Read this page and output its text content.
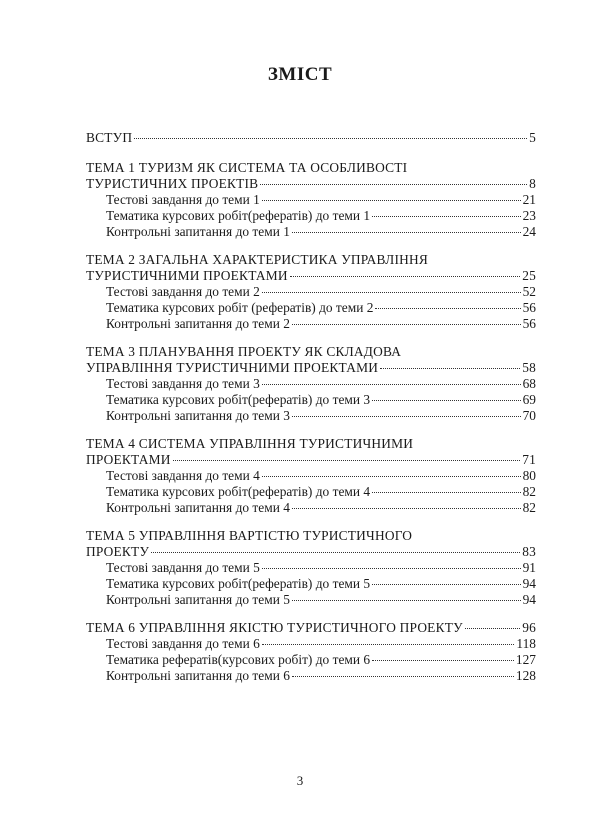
ЗМІСТ
ВСТУП	5
ТЕМА 1 ТУРИЗМ ЯК СИСТЕМА ТА ОСОБЛИВОСТІ
ТУРИСТИЧНИХ ПРОЕКТІВ	8
Тестові завдання до теми 1	21
Тематика курсових робіт(рефератів) до теми 1	23
Контрольні запитання до теми 1	24
ТЕМА 2 ЗАГАЛЬНА ХАРАКТЕРИСТИКА УПРАВЛІННЯ
ТУРИСТИЧНИМИ ПРОЕКТАМИ	25
Тестові завдання до теми 2	52
Тематика курсових робіт (рефератів) до теми 2	56
Контрольні запитання до теми 2	56
ТЕМА 3 ПЛАНУВАННЯ ПРОЕКТУ ЯК СКЛАДОВА
УПРАВЛІННЯ ТУРИСТИЧНИМИ ПРОЕКТАМИ	58
Тестові завдання до теми 3	68
Тематика курсових робіт(рефератів) до теми 3	69
Контрольні запитання до теми 3	70
ТЕМА 4 СИСТЕМА УПРАВЛІННЯ ТУРИСТИЧНИМИ
ПРОЕКТАМИ	71
Тестові завдання до теми 4	80
Тематика курсових робіт(рефератів) до теми 4	82
Контрольні запитання до теми 4	82
ТЕМА 5 УПРАВЛІННЯ ВАРТІСТЮ ТУРИСТИЧНОГО
ПРОЕКТУ	83
Тестові завдання до теми 5	91
Тематика курсових робіт(рефератів) до теми 5	94
Контрольні запитання до теми 5	94
ТЕМА 6 УПРАВЛІННЯ ЯКІСТЮ ТУРИСТИЧНОГО ПРОЕКТУ	96
Тестові завдання до теми 6	118
Тематика рефератів(курсових робіт) до теми 6	127
Контрольні запитання до теми 6	128
3
